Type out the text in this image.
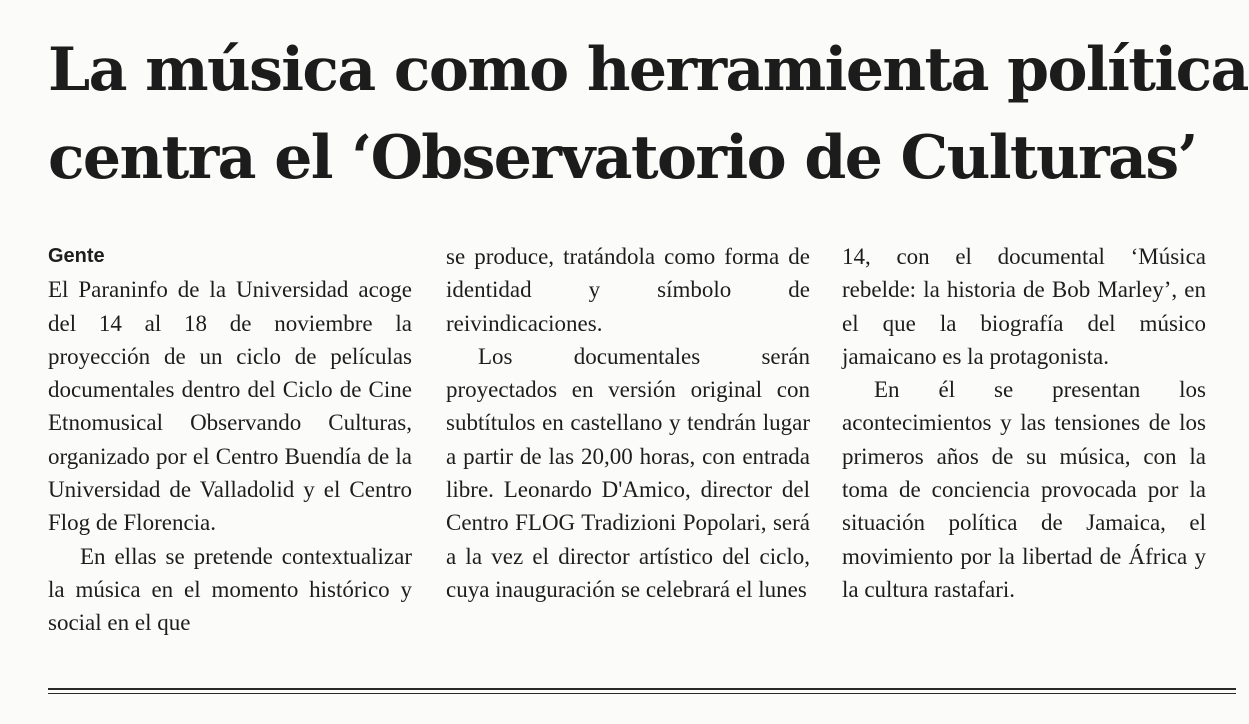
La música como herramienta política
centra el ‘Observatorio de Culturas’
Gente

El Paraninfo de la Universidad acoge del 14 al 18 de noviembre la proyección de un ciclo de películas documentales dentro del Ciclo de Cine Etnomusical Observando Culturas, organizado por el Centro Buendía de la Universidad de Valladolid y el Centro Flog de Florencia.

En ellas se pretende contextualizar la música en el momento histórico y social en el que

se produce, tratándola como forma de identidad y símbolo de reivindicaciones.

Los documentales serán proyectados en versión original con subtítulos en castellano y tendrán lugar a partir de las 20,00 horas, con entrada libre. Leonardo D'Amico, director del Centro FLOG Tradizioni Popolari, será a la vez el director artístico del ciclo, cuya inauguración se celebrará el lunes

14, con el documental ‘Música rebelde: la historia de Bob Marley’, en el que la biografía del músico jamaicano es la protagonista.

En él se presentan los acontecimientos y las tensiones de los primeros años de su música, con la toma de conciencia provocada por la situación política de Jamaica, el movimiento por la libertad de África y la cultura rastafari.
